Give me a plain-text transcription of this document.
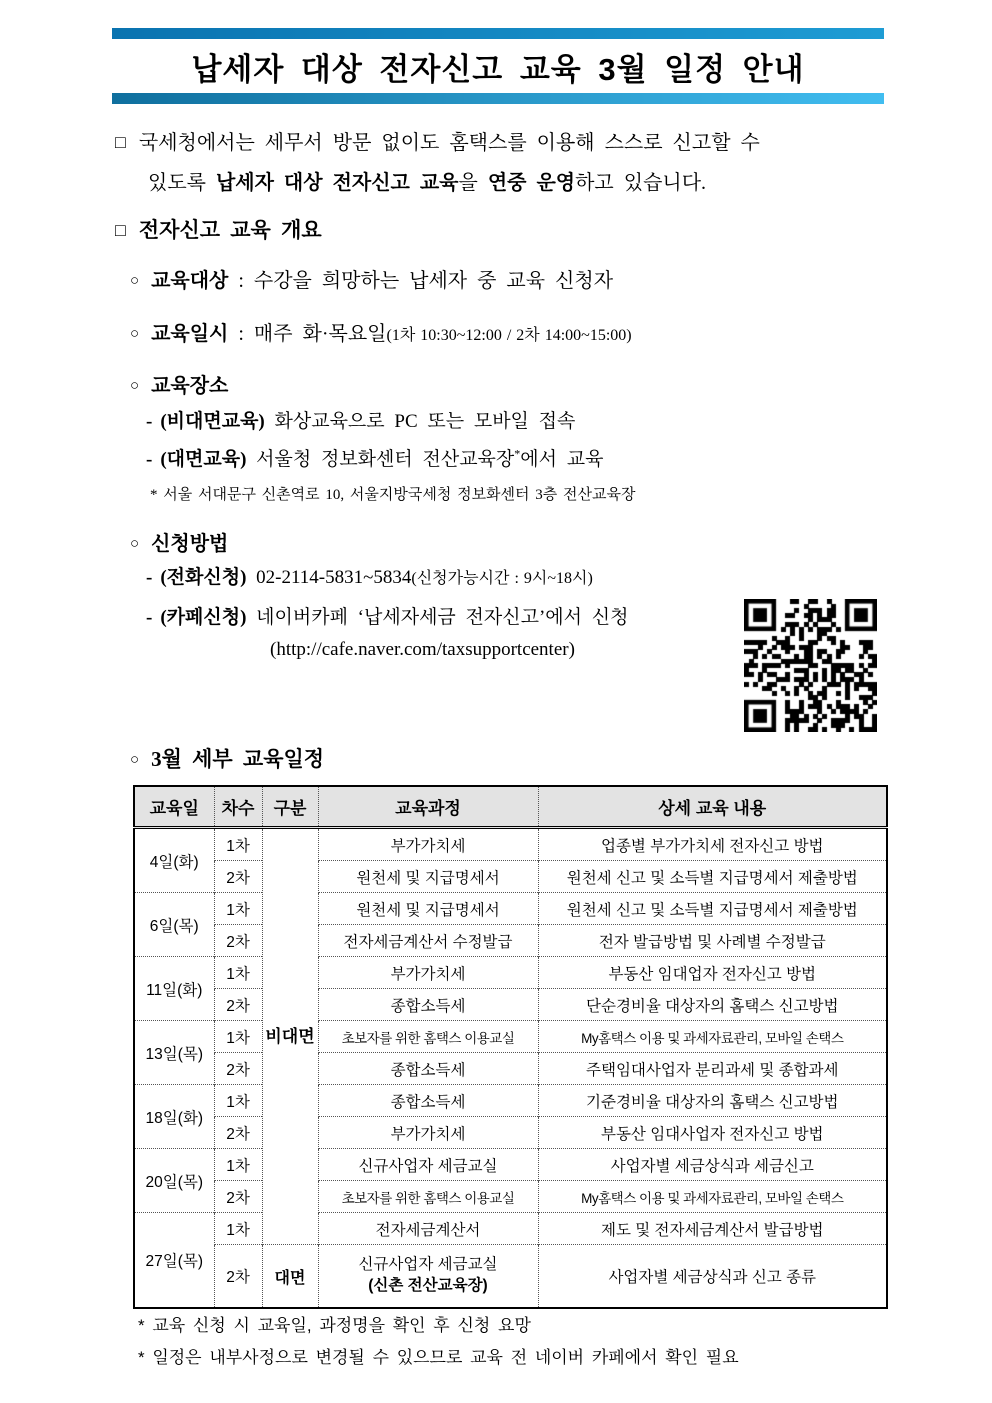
납세자 대상 전자신고 교육 3월 일정 안내
□ 국세청에서는 세무서 방문 없이도 홈택스를 이용해 스스로 신고할 수
있도록 납세자 대상 전자신고 교육을 연중 운영하고 있습니다.
□ 전자신고 교육 개요
○ 교육대상 : 수강을 희망하는 납세자 중 교육 신청자
○ 교육일시 : 매주 화·목요일(1차 10:30~12:00 / 2차 14:00~15:00)
○ 교육장소
- (비대면교육) 화상교육으로 PC 또는 모바일 접속
- (대면교육) 서울청 정보화센터 전산교육장*에서 교육
* 서울 서대문구 신촌역로 10, 서울지방국세청 정보화센터 3층 전산교육장
○ 신청방법
- (전화신청) 02-2114-5831~5834(신청가능시간 : 9시~18시)
- (카페신청) 네이버카페 ‘납세자세금 전자신고’에서 신청
(http://cafe.naver.com/taxsupportcenter)
○ 3월 세부 교육일정
교육일	차수	구분	교육과정	상세 교육 내용
4일(화)	1차	비대면	부가가치세	업종별 부가가치세 전자신고 방법
	2차		원천세 및 지급명세서	원천세 신고 및 소득별 지급명세서 제출방법
6일(목)	1차		원천세 및 지급명세서	원천세 신고 및 소득별 지급명세서 제출방법
	2차		전자세금계산서 수정발급	전자 발급방법 및 사례별 수정발급
11일(화)	1차		부가가치세	부동산 임대업자 전자신고 방법
	2차		종합소득세	단순경비율 대상자의 홈택스 신고방법
13일(목)	1차		초보자를 위한 홈택스 이용교실	My홈택스 이용 및 과세자료관리, 모바일 손택스
	2차		종합소득세	주택임대사업자 분리과세 및 종합과세
18일(화)	1차		종합소득세	기준경비율 대상자의 홈택스 신고방법
	2차		부가가치세	부동산 임대사업자 전자신고 방법
20일(목)	1차		신규사업자 세금교실	사업자별 세금상식과 세금신고
	2차		초보자를 위한 홈택스 이용교실	My홈택스 이용 및 과세자료관리, 모바일 손택스
27일(목)	1차		전자세금계산서	제도 및 전자세금계산서 발급방법
	2차	대면	신규사업자 세금교실
(신촌 전산교육장)	사업자별 세금상식과 신고 종류
* 교육 신청 시 교육일, 과정명을 확인 후 신청 요망
* 일정은 내부사정으로 변경될 수 있으므로 교육 전 네이버 카페에서 확인 필요
